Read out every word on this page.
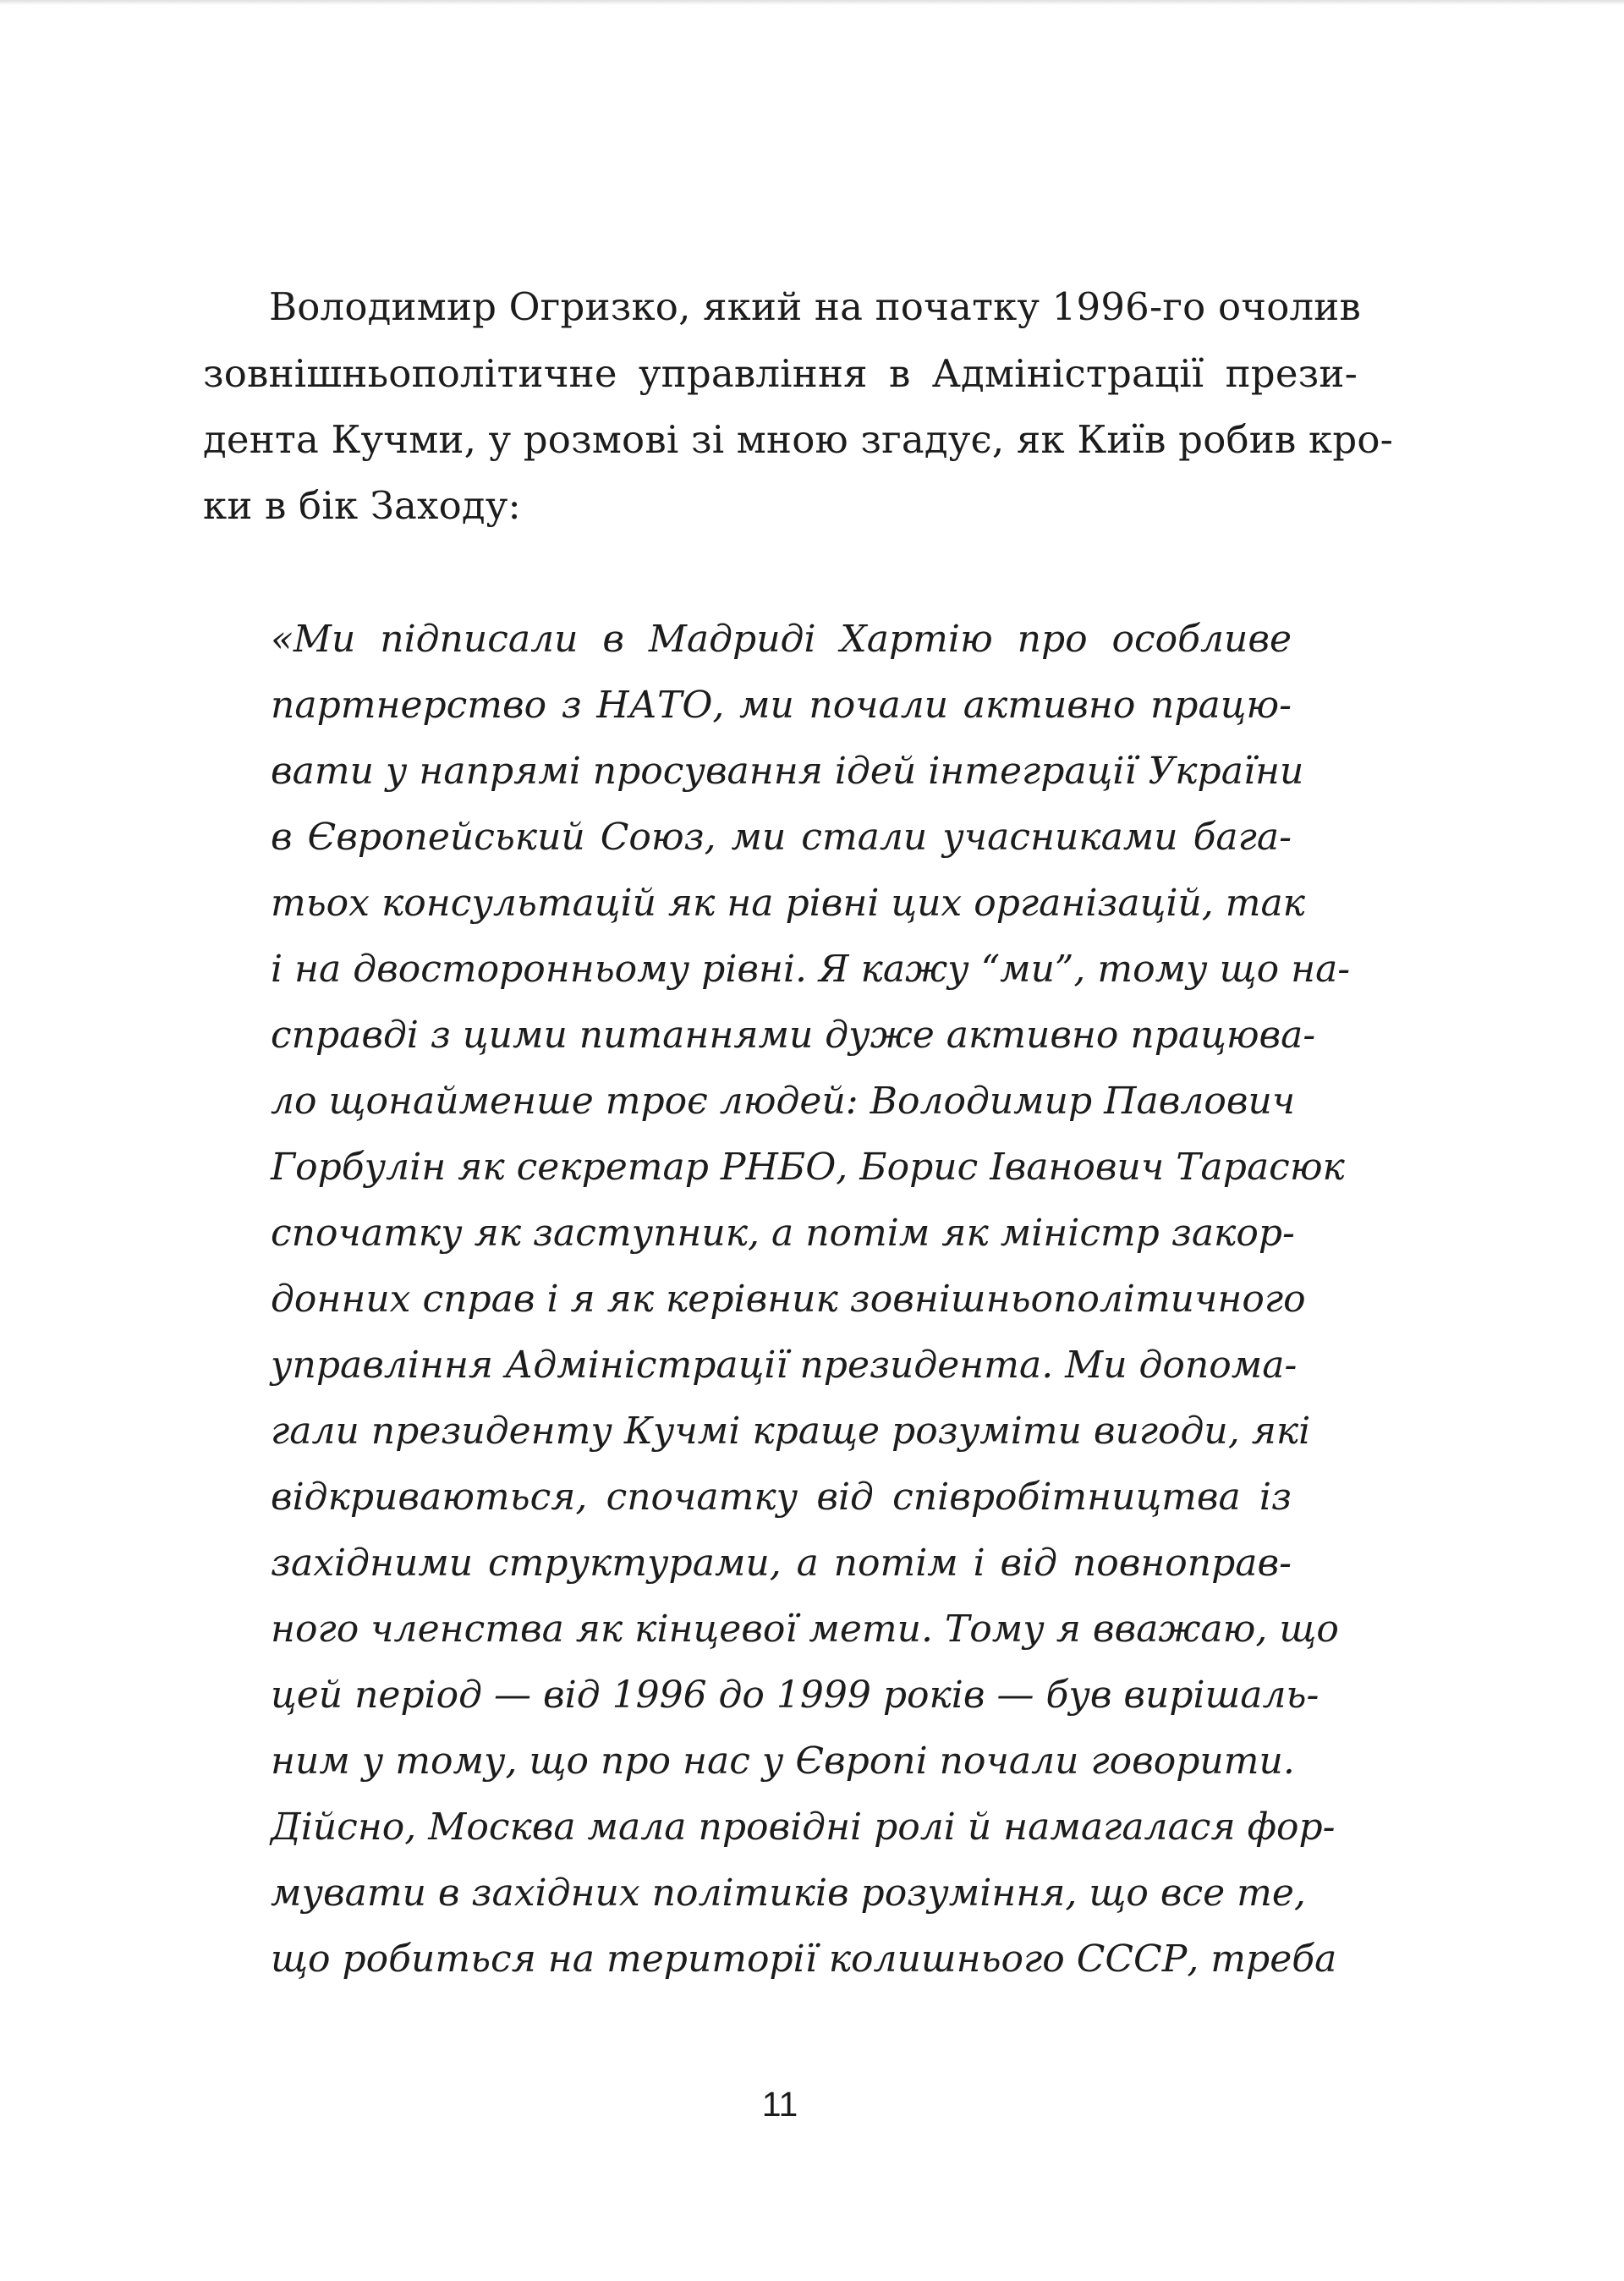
Володимир Огризко, який на початку 1996-го очолив
зовнішньополітичне управління в Адміністрації прези-
дента Кучми, у розмові зі мною згадує, як Київ робив кро-
ки в бік Заходу:
«Ми підписали в Мадриді Хартію про особливе
партнерство з НАТО, ми почали активно працю-
вати у напрямі просування ідей інтеграції України
в Європейський Союз, ми стали учасниками бага-
тьох консультацій як на рівні цих організацій, так
і на двосторонньому рівні. Я кажу “ми”, тому що на-
справді з цими питаннями дуже активно працюва-
ло щонайменше троє людей: Володимир Павлович
Горбулін як секретар РНБО, Борис Іванович Тарасюк
спочатку як заступник, а потім як міністр закор-
донних справ і я як керівник зовнішньополітичного
управління Адміністрації президента. Ми допома-
гали президенту Кучмі краще розуміти вигоди, які
відкриваються, спочатку від співробітництва із
західними структурами, а потім і від повноправ-
ного членства як кінцевої мети. Тому я вважаю, що
цей період — від 1996 до 1999 років — був вирішаль-
ним у тому, що про нас у Європі почали говорити.
Дійсно, Москва мала провідні ролі й намагалася фор-
мувати в західних політиків розуміння, що все те,
що робиться на території колишнього СССР, треба
11
